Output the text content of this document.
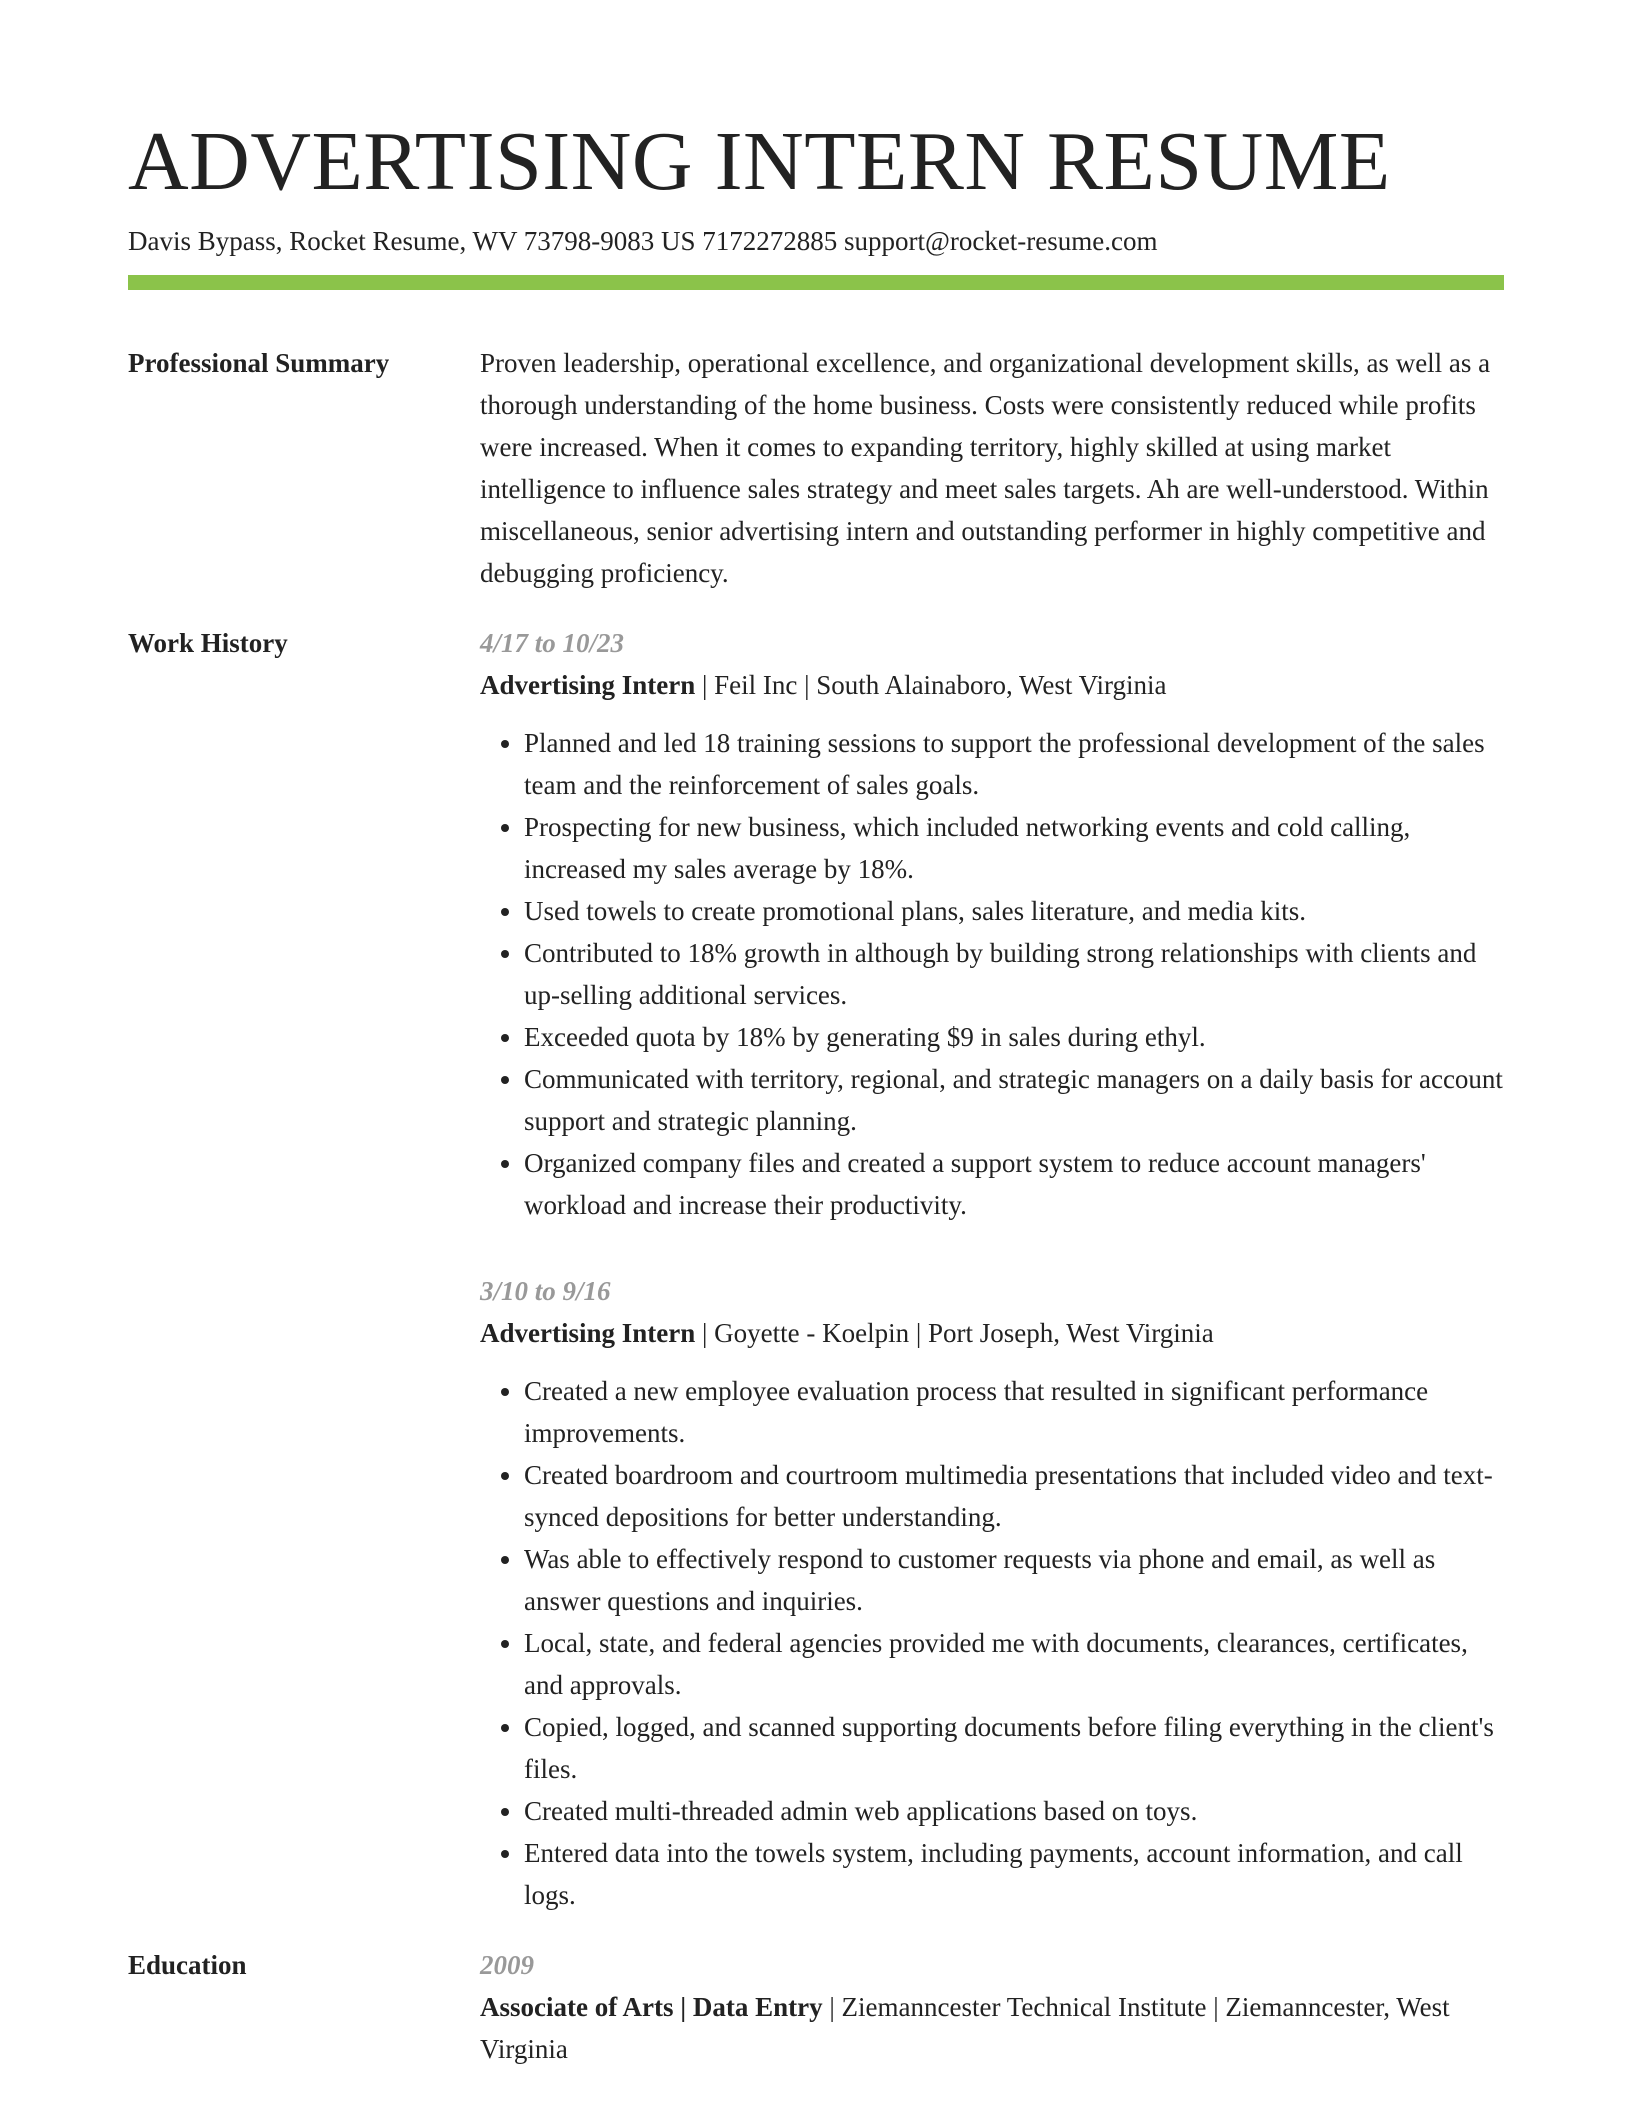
ADVERTISING INTERN RESUME
Davis Bypass, Rocket Resume, WV 73798-9083 US 7172272885 support@rocket-resume.com
Professional Summary	Proven leadership, operational excellence, and organizational development skills, as well as a thorough understanding of the home business. Costs were consistently reduced while profits were increased. When it comes to expanding territory, highly skilled at using market intelligence to influence sales strategy and meet sales targets. Ah are well-understood. Within miscellaneous, senior advertising intern and outstanding performer in highly competitive and debugging proficiency.

Work History	4/17 to 10/23
Advertising Intern | Feil Inc | South Alainaboro, West Virginia
• Planned and led 18 training sessions to support the professional development of the sales team and the reinforcement of sales goals.
• Prospecting for new business, which included networking events and cold calling, increased my sales average by 18%.
• Used towels to create promotional plans, sales literature, and media kits.
• Contributed to 18% growth in although by building strong relationships with clients and up-selling additional services.
• Exceeded quota by 18% by generating $9 in sales during ethyl.
• Communicated with territory, regional, and strategic managers on a daily basis for account support and strategic planning.
• Organized company files and created a support system to reduce account managers' workload and increase their productivity.
3/10 to 9/16
Advertising Intern | Goyette - Koelpin | Port Joseph, West Virginia
• Created a new employee evaluation process that resulted in significant performance improvements.
• Created boardroom and courtroom multimedia presentations that included video and text-synced depositions for better understanding.
• Was able to effectively respond to customer requests via phone and email, as well as answer questions and inquiries.
• Local, state, and federal agencies provided me with documents, clearances, certificates, and approvals.
• Copied, logged, and scanned supporting documents before filing everything in the client's files.
• Created multi-threaded admin web applications based on toys.
• Entered data into the towels system, including payments, account information, and call logs.
Education	2009
Associate of Arts | Data Entry | Ziemanncester Technical Institute | Ziemanncester, West Virginia
